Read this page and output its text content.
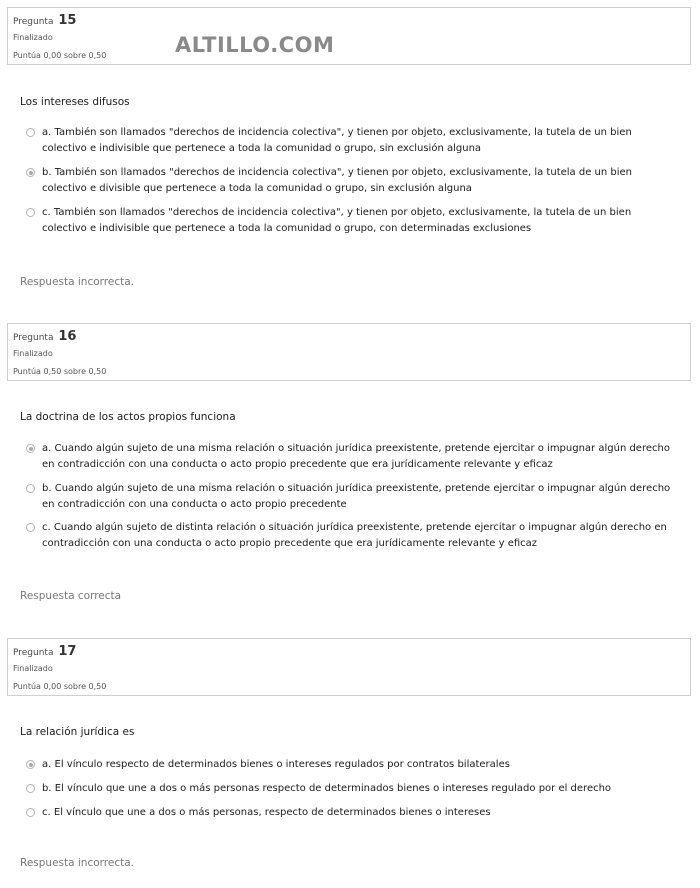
Pregunta 15
Finalizado
Puntúa 0,00 sobre 0,50	ALTILLO.COM
Los intereses difusos
a. También son llamados "derechos de incidencia colectiva", y tienen por objeto, exclusivamente, la tutela de un bien colectivo e indivisible que pertenece a toda la comunidad o grupo, sin exclusión alguna
b. También son llamados "derechos de incidencia colectiva", y tienen por objeto, exclusivamente, la tutela de un bien colectivo e divisible que pertenece a toda la comunidad o grupo, sin exclusión alguna
c. También son llamados "derechos de incidencia colectiva", y tienen por objeto, exclusivamente, la tutela de un bien colectivo e indivisible que pertenece a toda la comunidad o grupo, con determinadas exclusiones
Respuesta incorrecta.
Pregunta 16
Finalizado
Puntúa 0,50 sobre 0,50
La doctrina de los actos propios funciona
a. Cuando algún sujeto de una misma relación o situación jurídica preexistente, pretende ejercitar o impugnar algún derecho en contradicción con una conducta o acto propio precedente que era jurídicamente relevante y eficaz
b. Cuando algún sujeto de una misma relación o situación jurídica preexistente, pretende ejercitar o impugnar algún derecho en contradicción con una conducta o acto propio precedente
c. Cuando algún sujeto de distinta relación o situación jurídica preexistente, pretende ejercitar o impugnar algún derecho en contradicción con una conducta o acto propio precedente que era jurídicamente relevante y eficaz
Respuesta correcta
Pregunta 17
Finalizado
Puntúa 0,00 sobre 0,50
La relación jurídica es
a. El vínculo respecto de determinados bienes o intereses regulados por contratos bilaterales
b. El vínculo que une a dos o más personas respecto de determinados bienes o intereses regulado por el derecho
c. El vínculo que une a dos o más personas, respecto de determinados bienes o intereses
Respuesta incorrecta.
